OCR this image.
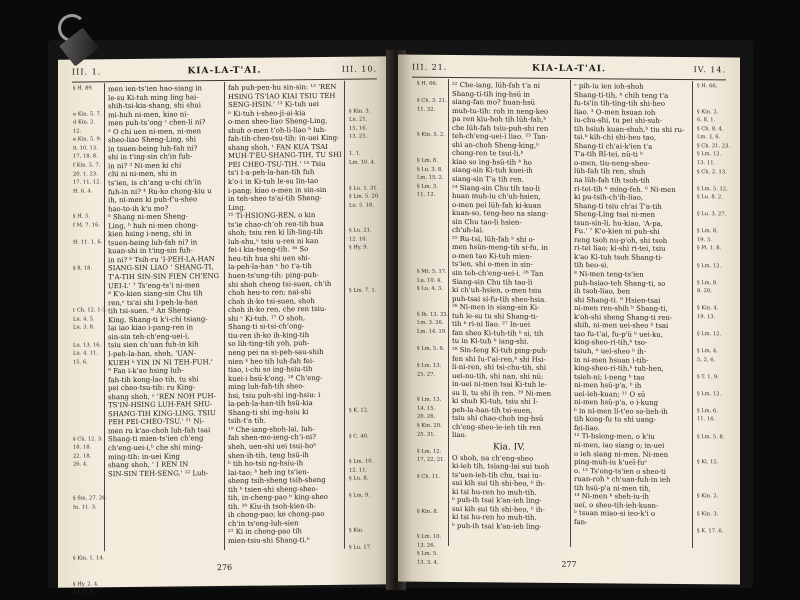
III. 1.	KIA-LA-T'AI.	III. 10.
§ H. 89.
e Kin. 5. 7.
d Kin. 2.
12.
e Kin. 5. 9.
9, 10, 13.
17, 18, 8.
f Kin. 5. 7.
20. 1. 23.
17. 11, 12.
H. 6. 4.
§ H. 5.
f M. 7. 16.
H. 11. 1, 6.
§ 8, 18.
t Ch. 12. 1-3.
Lu. 4. 5.
Lu. 3. 8.
Lu. 13. 16.
Lu. 4. 11.
15. 6.
§ Ch. 12. 3.
18. 18.
22. 18.
26. 4.
§ Sm. 27. 26.
In. 11. 3.
§ Kin. 1. 14.
§ Hy. 2. 4.
14. 5. 8.

men ien-ts'ien hao-siang in

le-su Ki-tuh ming ling hai-

shih-tsi-kia-shang, shi shui

mi-huh ni-men, kiao ni-

men puh-tsʻong ᶜ chen-li ni?

² O chi uen ni-men, ni-men

sheo-liao Sheng-Ling, shi

in tsuen-being luh-fah ni?

shi in t'ing-sin ch'in fuh-

in ni? ³ Ni-men ki chi

chi ni ni-men, shi in

ts'ien, is chʻang u-chi ch'in

fuh-in ni? ⁴ Ru-ko chong-kiu u

ih, ni-men ki puh-fʻu-sheo

hao-to-ih k'u mo?

⁵ Shang ni-men Sheng-

Ling, ᵇ huh ni-men chong-

kien hsing i-neng, shi in

tsuen-heing luh-fah ni? in

kuan-shi in t'ing-sin fuh-

in ni? ⁶ Tsih-ru 'I-PEH-LA-HAN

SIANG-SIN LIAO ʻ SHANG-TI,

T'A-TIH SIN-SIN FIEN CH'ENG

UEI-I.' ⁷ Tsʻeng-tsʻi ni-men

ᵈ K'o-kien siang-sin Chu tih

ren,ᵉ ts'ai shi I-peh-la-han

tih tsi-suen. ⁸ An Sheng-

King, Shang-ti kʻi-chi tsiang-

lai iao kiao i-pang-ren in

sin-sin teh-ch'eng-uei-i,

tsiu sien chʻuan fuh-in kih

I-peh-la-han, shoh, 'UAN-

KUEH ᵏ YIN IN NI TEH-FUH.'

⁹ Fan i-k'ao hsing luh-

fah-tih kong-lao tih, tu shi

pei cheo-tsu-tih: ru King-

shang shoh, ᵉ 'REN NOH PUH-

TSʻIN-HSING LUH-FAH SHU-

SHANG-TIH KING-LING, TSIU

PEH PEI-CHEO-TSU.' ¹¹ Ni-

men ru k'ao-choh luh-fah tsai

Shang-ti mien-ts'ien ch'eng

ch'eng-uei-i,ᵇ che shi ming-

ming-tih: in-uei King

shang shoh, ' I REN IN

SIN-SIN TEH-SENG.' ¹² Luh-

fah puh-pen-hu sin-sin: ¹³ 'REN

HSING TS'IAO KIAI TSIU TEH

SENG-HSIN.' ¹³ Ki-tuh uei

ⁿ Ki-tuh i-sheo-ji-ai-kia

o-men sheo-liao Sheng-Ling,

shuh o-men tʻoh-li-liao ᵇ luh-

fah-tih-cheo-tsu-tih: in-uei King-

shang shoh, ᵗ FAN KUA TSAI

MUH-T'EU-SHANG-TIH, TU SHI

PEI CHEO-TSU-TIH.' ¹⁴ Tsiu

ts'i I-a-peh-la-han-tih fuh

k'o-i in Ki-tuh le-su lin-tao

i-pang; kiao o-men in sin-sin

in teh-sheo ts'ai-tih Sheng-

Ling.

¹⁵ Ti-HSIONG-REN, o kin

ts'ie chao-chʻoh ren-tih hua

shoh; tsiu ren ki lih-ling-tih

luh-shu,ᵘ tsiu u-ren ni kan

fei-i kia-tseng-tih. ¹⁶ So

heu-tih hua shi uen shi-

la-peh-la-han ᵛ ho t'a-tih

huen-ts'ung-tih: ping-puh-

shi shoh cheng tsi-suen, chʻih

choh heu-to ren; nai-shi

choh ih-ko tsi-suen, shoh

choh ih-ko ren, che ren tsiu-

shi ᵛ Ki-tuh. ¹⁷ O shoh,

Shang-ti si-tsi-chʻong-

tiu-ren ih-ko ih-king-tih

so lih-ting-tih yoh, puh-

neng pei na si-peh-sau-shih

nien ᵏ heo tih luh-fah fei-

tiao, i-chi so ing-hsiu-tih

kuei-i hsü-k'ong. ¹⁸ Ch'eng-

ming luh-fah-tih sheo-

hsi, tsiu puh-shi ing-hsiu: i

la-peh-la-han-tih hsü-kia

Shang-ti shi ing-hsiu ki

tsih-t'a tih.

¹⁹ Che-iang-shoh-lai, luh-

fah shen-mo-ieng-chʻi-ni?

sheh, uen-shi uei tsui-hoᵇ

shen-ih-tih, teng hsü-ih

ᵇ tih ho-tsii ng-hsiu-ih

lai-tao; ᵇ heh ing ts'ien-

sheng tsih-sheng tsih-sheng

tih ᵇ tsien-shi sheng-sheo-

tih, in-cheng-pao ᵇ king-sheo

tih. ²⁰ Kiu-ih tsoh-kien-ih-

ih chong-pao; ke chong-pao

chʻin ts'ong-luh-sien

²¹ Ki in chong-pao tih

mien-tsiu-shi Shang-ti.ᵇ

§ Kin. 3.
Lu. 21.
15, 16.
13. 25.
1. 1.
Lm. 10. 4.
§ Lu. 1. 31.
§ Lm. 5. 20.
Lu. 5. 18.
§ Lu. 21.
12. 10.
§ Hy. 9.
§ Lm. 7. 1.
§ K. 12.
§ C. 40.
§ Lm. 10.
12. 11.
§ Lu. 8.
§ Lm. 9.
§ Kin.
§ Lu. 17.
276
III. 21.	KIA-LA-T'AI.	IV. 14.
§ H. 66.
§ Ch. 3. 21.
11. 32.
§ Kin. 5. 2.
§ Lm. 8.
§ Lu. 3. 8.
Lm. 15. 2.
§ Lm. 3.
11, 12.
§ Mt. 5. 17.
Lu. 10. 4.
§ Lu. 4. 3.
§ Ih. 13. 33.
Lm. 3. 26.
Lm. 14. 19.
§ Lm. 5. 6.
§ Lm. 13.
25. 27.
§ Lm. 13.
14. 15.
20. 26.
§ Kin. 20.
25. 31.
§ Lm. 12.
17, 22, 21.
§ Ch. 11.
§ Kin. 8.
§ Lm. 10.
13. 26.
§ Lm. 5.
13. 3. 4.

²² Che-iang, lüh-fah tʻa ni

Shang-ti-tih ing-hsü in

siang-fan mo? huan-hsü

muh-tu-tih: roh in neng-keo

pa ren kiu-hoh tih lüh-fah,ᵇ

che lüh-fah tsiu-puh-shi ren

teh-ch'eng-uei-i liao. ²³ Tan-

shi an-choh Sheng-king,ᵇ

chong-ren te tsui-li,ᵇ

kiao so ing-hsü-tih ᵇ ho

siang-sin Ki-tuh kuei-ih

siang-sin T'a tih ren.

²⁴ Siang-sin Chu tih tao-li

huan muh-iu ch'uh-hsien,

o-men pei lüh-fah ki-kuan

kuan-so, teng-heo na siang-

sin Chu tao-li hsien-

ch'uh-lai.

²⁵ Ru-tsi, lüh-fah ᵇ shi o-

men hsün-meng-tih si-fu, in

o-men tao Ki-tuh mien-

ts'ien, shi o-men in sin-

sin teh-ch'eng-uei-i. ²⁶ Tan

Siang-sin Chu tih tao-li

ki ch'uh-hsien, o-men tsiu

puh-tsai si-fu-tih sheo-hsia.

²⁶ Ni-men in siang-sin Ki-

tuh le-su tu shi Shang-ti-

tih ᵇ ri-ni liao. ²⁷ In-uei

fan sheo Ki-tuh-tih ᵇ si, tih

tu in Ki-tuh ᵇ iang-shi.

²⁸ Sin-feng Ki-tuh ping-puh-

fen shi Iu-t'ai-ren,ᵇ shi Hsi-

li-ni-ren, shi tsi-chu-tih, shi

uei-nu-tih, shi nan, shi nü:

in-uei ni-men tsai Ki-tuh le-

su li, tu shi ih ren. ²⁹ Ni-men

ki shuh Ki-tuh, tsiu shi I-

peh-la-han-tih tsi-suen,

tsiu shi chao-choh ing-hsü

ch'eng-sheo-ie-ieh tih ren

liao.

Kia. IV.

O shoh, na ch'eng-sheo

ki-ieh tih, tsiang-lai sui tsoh

ts'uen-ieh-tih chu, tsai iu-

sui kih sui tih shi-heo, ᵇ ih-

ki tsi hu-ren ho muh-tih.

ᵇ puh-ih tsai k'an-ieh ling-

sui kih sui tih shi-heo, ᵇ ih-

ki tsi hu-ren ho muh-tih.

ᵇ puh-ih tsai k'an-ieh ling-

ᵉ pih-iu ien ioh-shoh

Shang-ti-tih, ᵇ chih teng t'a

fu-ts'in tih-ting-tih shi-heo

liao. ³ O-men hsuan ioh

iu-chu-shi, tu pei shi-suh-

tih hsiuh kuan-shuh,ᵇ tiu shi ru-

tsi.ᵇ kih-chi shi-heo tao,

Shang-ti ch'ai-k'ien t'a

T'a-tih Rî-tei, nü-ti ᵇ

o-men, tiu-neng-sheo-

lüh-fah tih ren, shuh

na lüh-fah tih tsoh-tih

ri-tei-tih ᵇ ming-feh. ⁶ Ni-men

ki pu-tsih-ch'ih-liao,

Shang-ti tsiu ch'ai T'a-tih

Sheng-Ling tsai ni-men

tsun-sin-li, hu-kiao, 'A-pa,

Fu.' ⁷ K'o-kien ni puh-shi

reng tsoh nu-p'oh, shi tsoh

ri-tei liao; ki-shi ri-tei, tsiu

k'ao Ki-tuh tsoh Shang-ti-

tih heo-si.

⁸ Ni-men teng-ts'ien

puh-hsiao-teh Shang-ti, so

ih tsoh-liao, ben

shi Shang-ti. ⁹ Hsien-tsai

ni-men ren-shih ᵇ Shang-ti,

k'oh-shi sheng Shang-ti ren-

shih, ni-men uei-sheo ᵇ tsai

tao fu-t'ai, fu-p'ü ᵇ uei-ku,

king-sheo-ri-tih,ᵇ tso-

tsiuh, ᵇ uei-sheo ᵇ ih-

in ni-men hsuan i-tih-

king-sheo-ri-tih,ᵇ tuh-hen,

tsieh-ni; i-neng ᵇ tao

ni-men hsü-p'a, ᵇ ih

uei-ieh-kuan; ¹¹ O sü

ni-men hsü-p'a, o i-kung

ᵇ in ni-men li-t'eo so-lieh-ih

tih kong-fu tu shi uang-

fei-liao.

¹² Ti-hsiong-men, o k'iu

ni-men, iao siang o; in-uei

o ieh siang ni-men. Ni-men

ping-muh-iu k'ueï-fuˢ

o. ¹³ Ts'ong-ts'ien o sheo-ti

ruan-roh ᵇ ch'uan-fuh-in ieh

tih hsü-p'a ni-men tih,

¹⁴ Ni-men ᵇ sheh-iu-ih

ueï, o sheo-tih-ieh-kuan-

ᵇ tsuan miao-si ieo-k'i o

fan-

§ H. 66.
§ Kin. 2.
6, 8, 1.
§ Ch. 8. 4.
Lm. 3, 6.
§ Ch. 21. 23.
§ Lm. 12.
13. 11.
§ Ch. 2. 13.
§ Lm. 5. 12.
§ Lu. 8. 2.
§ Lu. 3. 27.
§ Lm. 8.
19. 3.
§ Pl. 1. 8.
§ Lm. 12.
§ Lm. 8.
8. 20.
§ Kin. 4.
19. 13.
§ Lm. 12.
§ Lm. 4.
5, 2, 6.
§ T. 1. 9.
§ Lm. 12.
§ Lm. 6.
11. 16.
§ Lm. 5. 8.
§ Ki. 12.
§ Kin. 2.
§ Kin. 3.
§ K. 17. 6.
277
